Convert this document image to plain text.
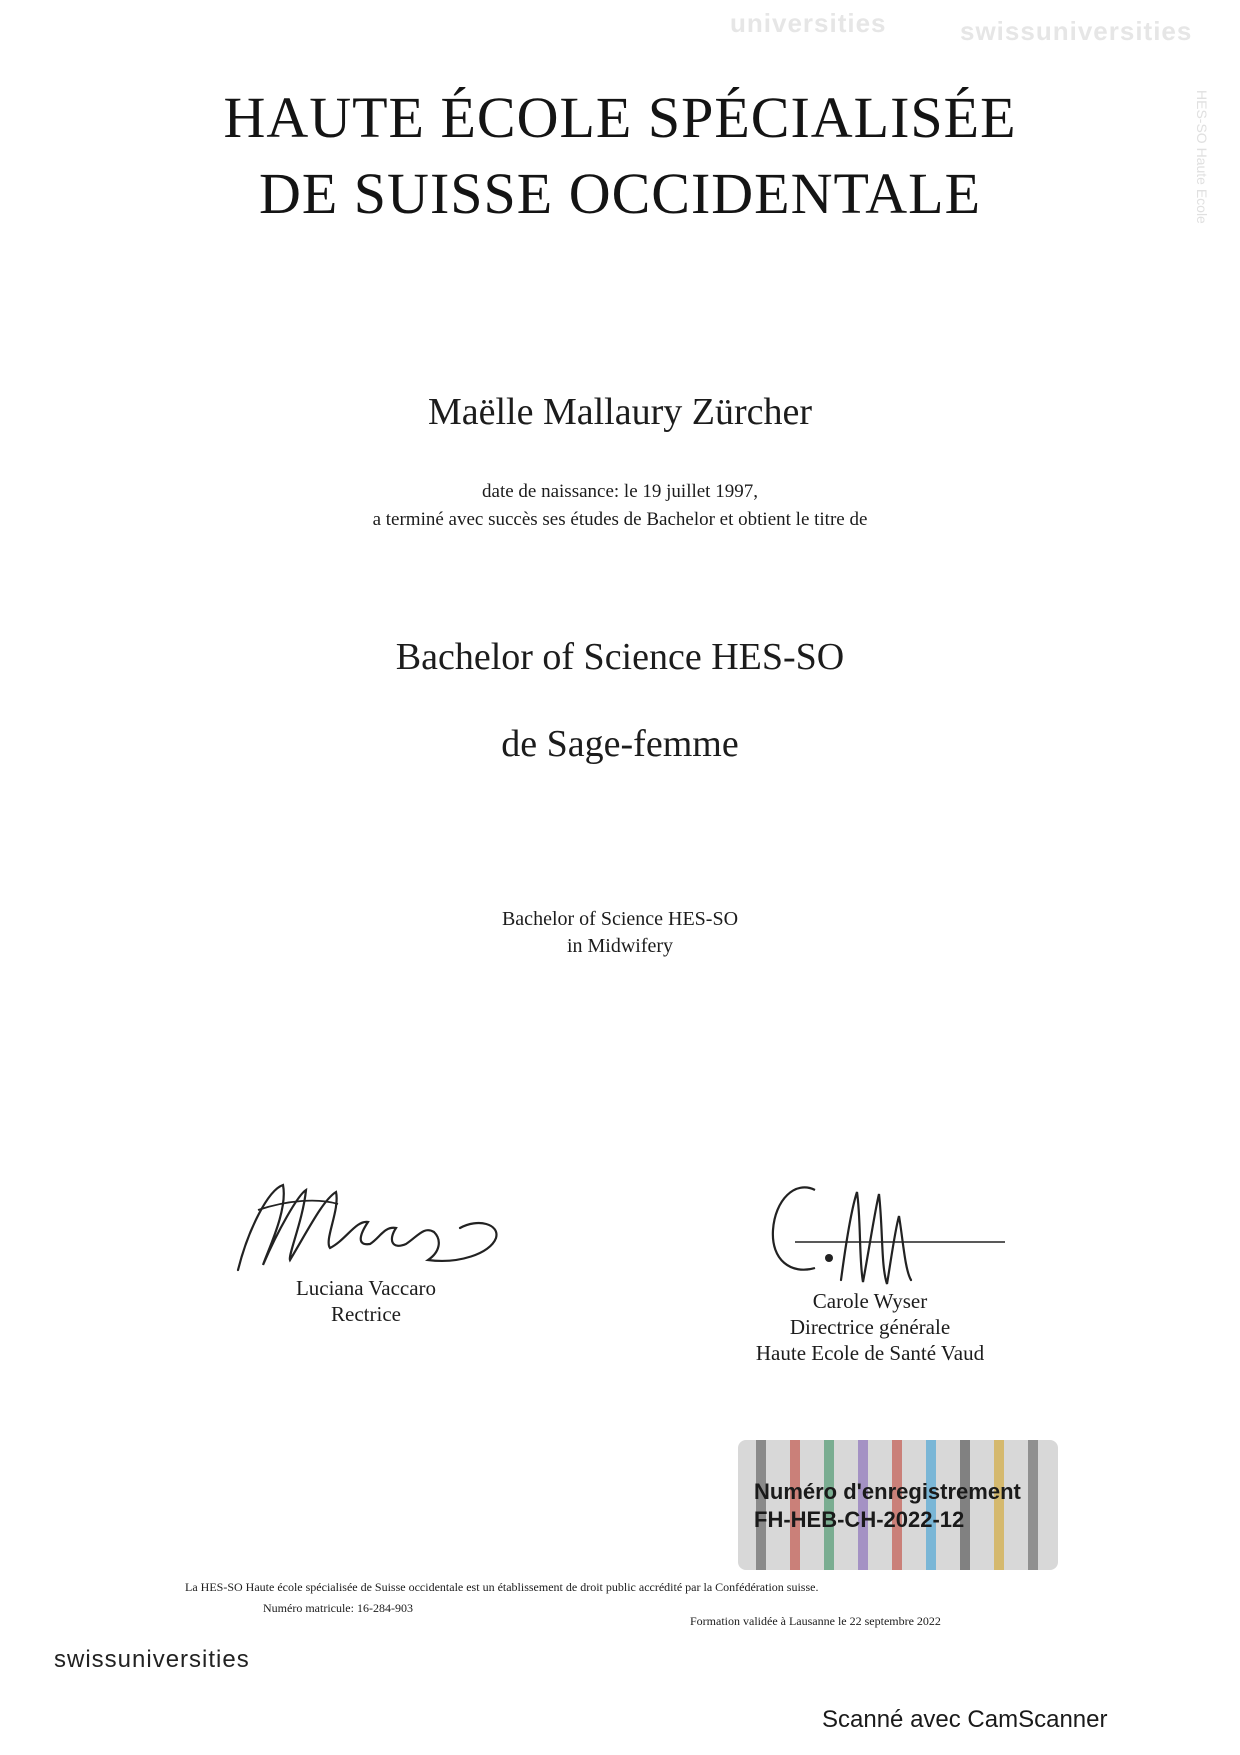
universities	swissuniversities
HES-SO Haute Ecole
HAUTE ÉCOLE SPÉCIALISÉE
DE SUISSE OCCIDENTALE
Maëlle Mallaury Zürcher
date de naissance: le 19 juillet 1997,
a terminé avec succès ses études de Bachelor et obtient le titre de
Bachelor of Science HES-SO
de Sage-femme
Bachelor of Science HES-SO
in Midwifery
Luciana Vaccaro
Rectrice
Carole Wyser
Directrice générale
Haute Ecole de Santé Vaud
Numéro d'enregistrement
FH-HEB-CH-2022-12
La HES-SO Haute école spécialisée de Suisse occidentale est un établissement de droit public accrédité par la Confédération suisse.
Numéro matricule: 16-284-903
Formation validée à Lausanne le 22 septembre 2022
swissuniversities
Scanné avec CamScanner
